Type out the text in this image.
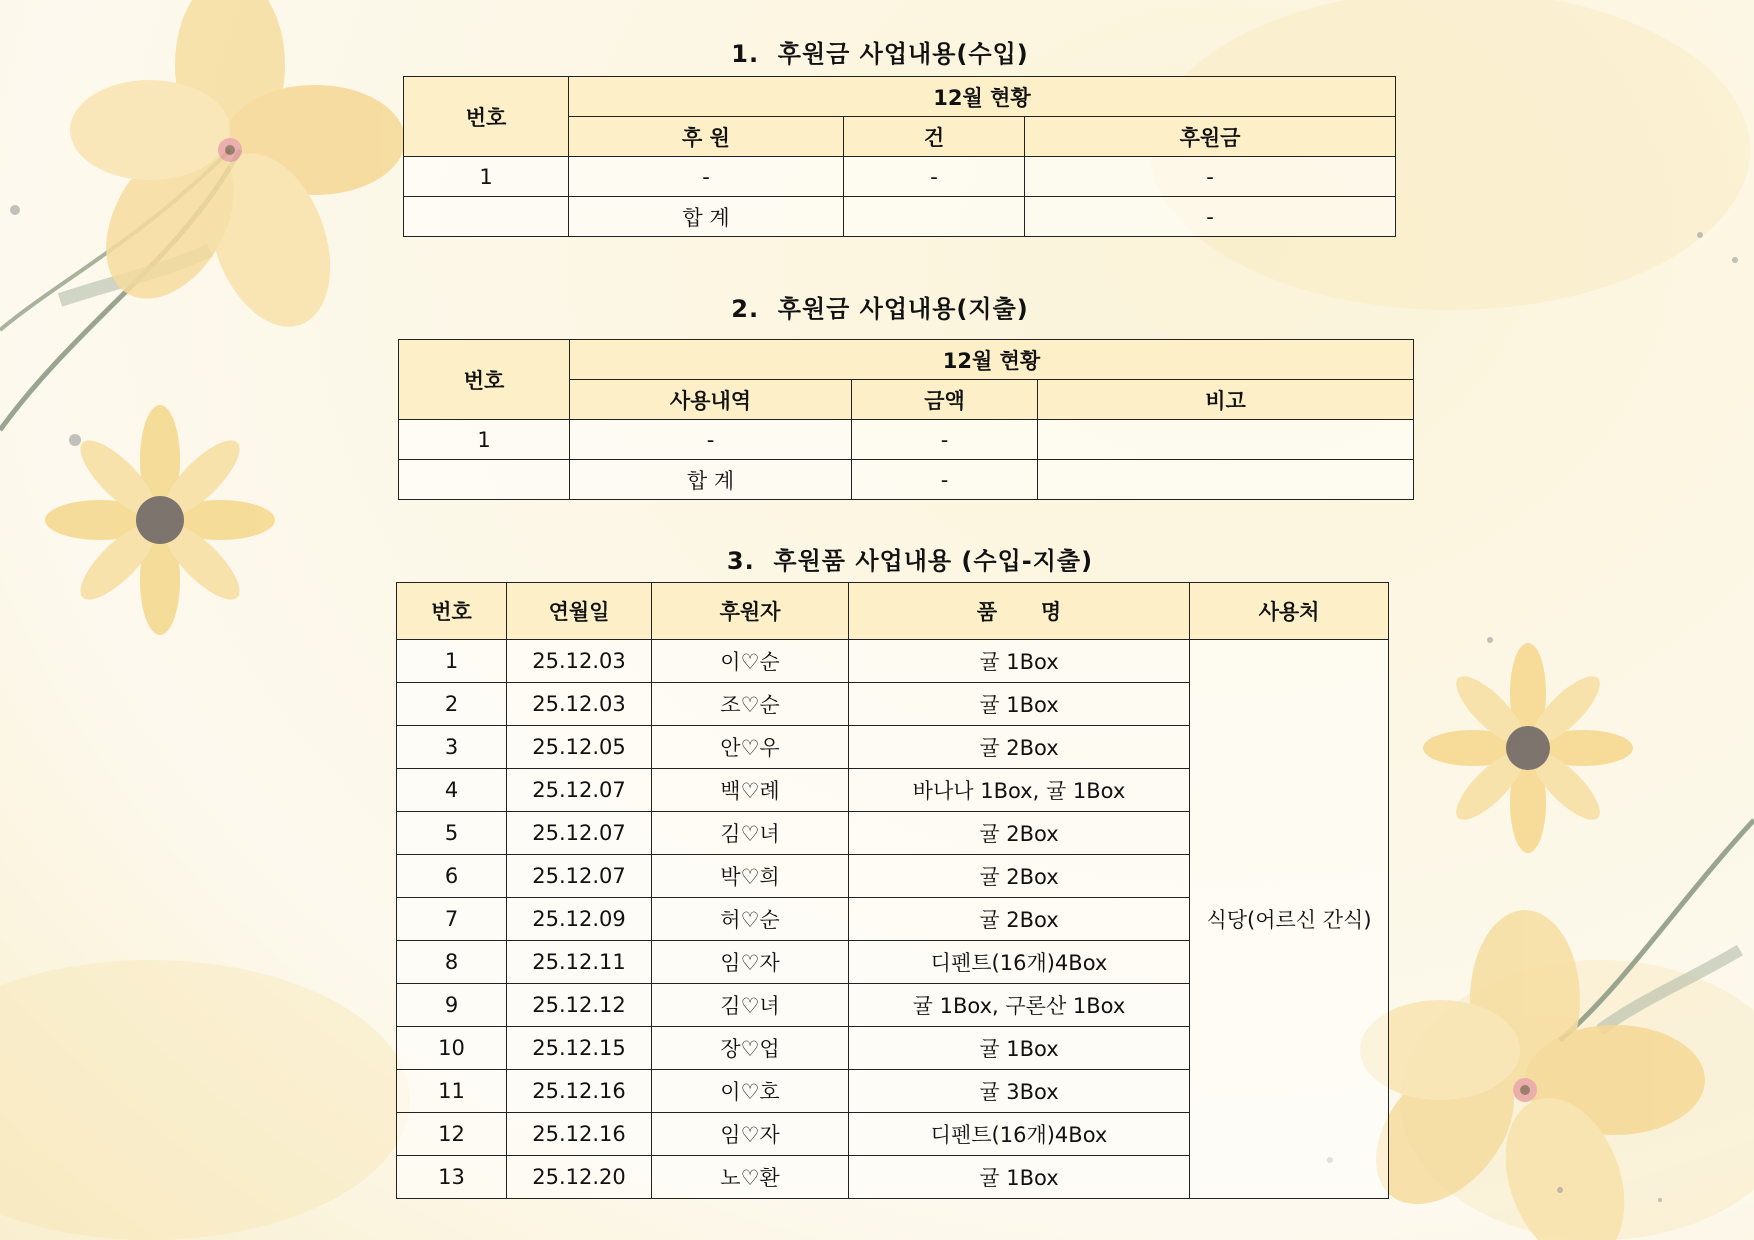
1.  후원금 사업내용(수입)
번호	12월 현황		
	후 원	건	후원금
1	-	-	-
	합 계		-
2.  후원금 사업내용(지출)
번호	12월 현황		
	사용내역	금액	비고
1	-	-	
	합 계	-	
3.  후원품 사업내용 (수입-지출)
번호	연월일	후원자	품      명	사용처
1	25.12.03	이♡순	귤 1Box	식당(어르신 간식)
2	25.12.03	조♡순	귤 1Box	
3	25.12.05	안♡우	귤 2Box	
4	25.12.07	백♡례	바나나 1Box, 귤 1Box	
5	25.12.07	김♡녀	귤 2Box	
6	25.12.07	박♡희	귤 2Box	
7	25.12.09	허♡순	귤 2Box	
8	25.12.11	임♡자	디펜트(16개)4Box	
9	25.12.12	김♡녀	귤 1Box, 구론산 1Box	
10	25.12.15	장♡업	귤 1Box	
11	25.12.16	이♡호	귤 3Box	
12	25.12.16	임♡자	디펜트(16개)4Box	
13	25.12.20	노♡환	귤 1Box	
